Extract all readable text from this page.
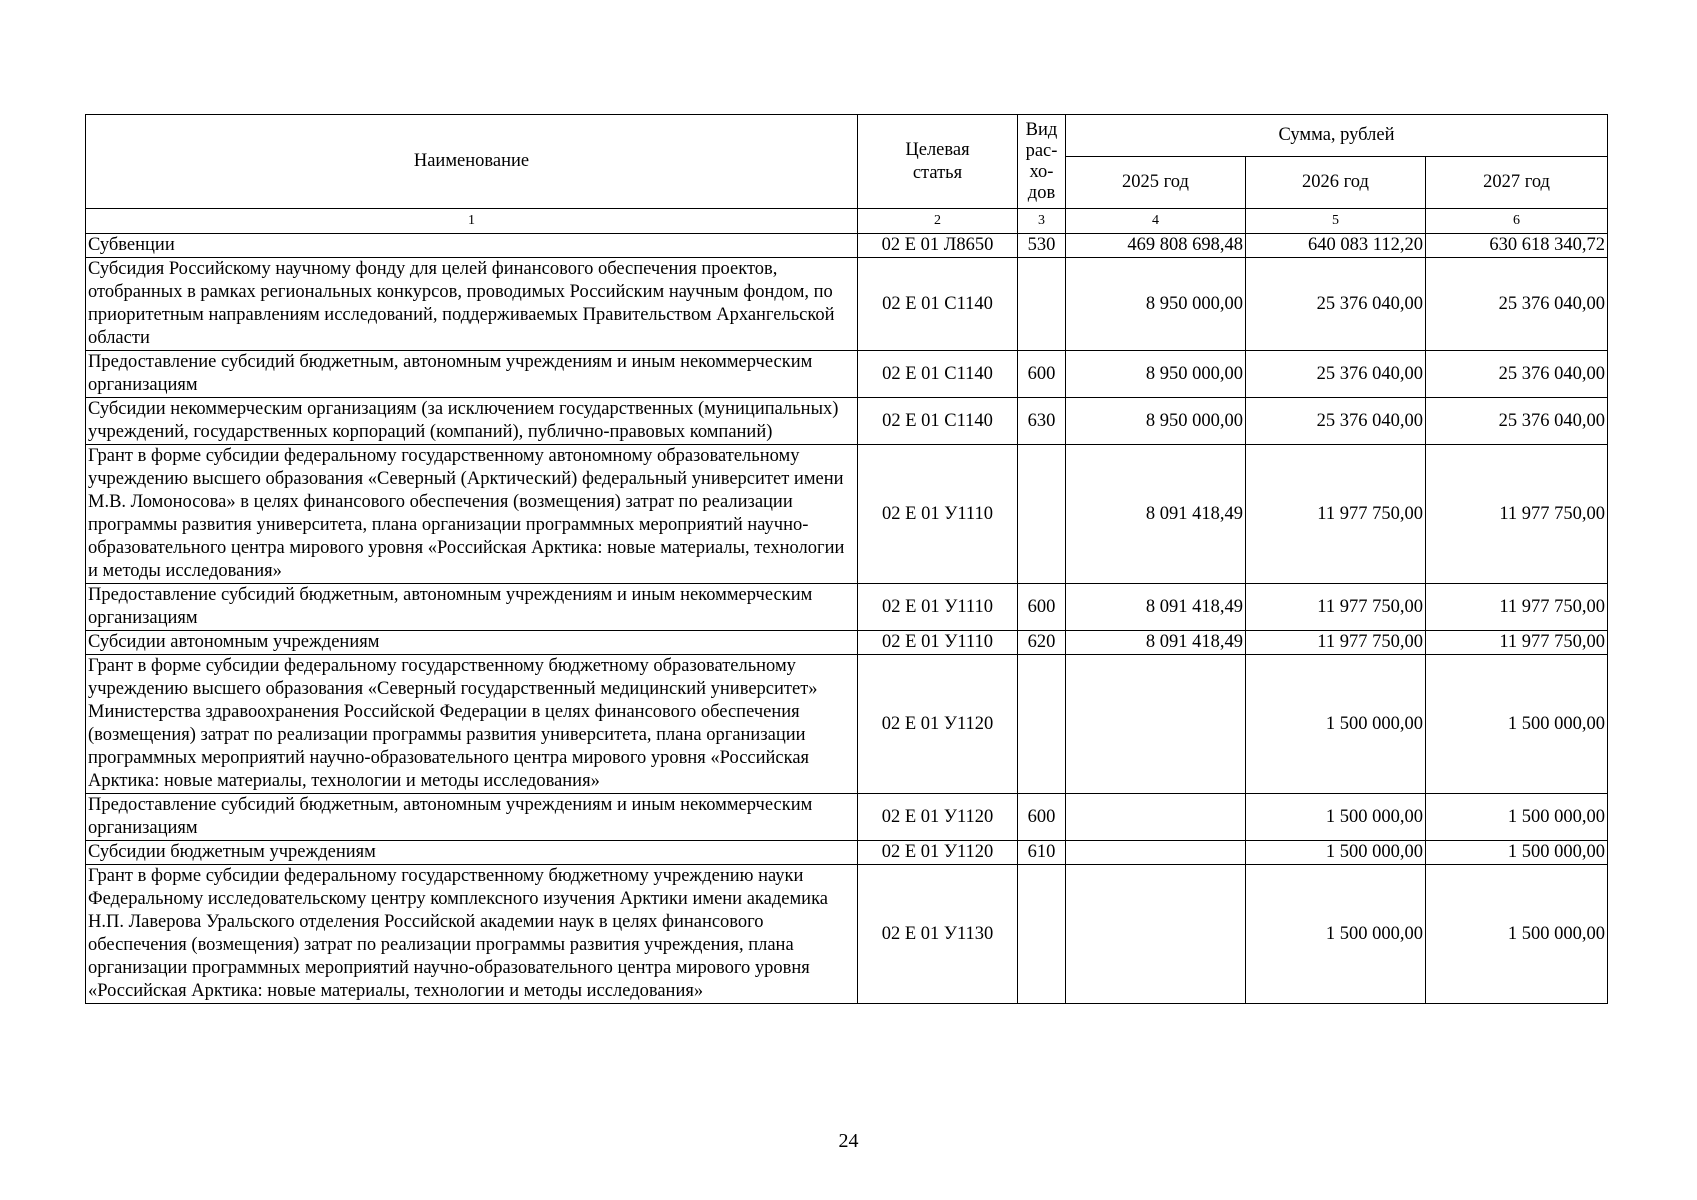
Наименование	Целевая статья	Вид рас-хо-дов	Сумма, рублей		
			2025 год	2026 год	2027 год
1	2	3	4	5	6
Субвенции	02 Е 01 Л8650	530	469 808 698,48	640 083 112,20	630 618 340,72
Субсидия Российскому научному фонду для целей финансового обеспечения проектов, отобранных в рамках региональных конкурсов, проводимых Российским научным фондом, по приоритетным направлениям исследований, поддерживаемых Правительством Архангельской области	02 Е 01 С1140		8 950 000,00	25 376 040,00	25 376 040,00
Предоставление субсидий бюджетным, автономным учреждениям и иным некоммерческим организациям	02 Е 01 С1140	600	8 950 000,00	25 376 040,00	25 376 040,00
Субсидии некоммерческим организациям (за исключением государственных (муниципальных) учреждений, государственных корпораций (компаний), публично-правовых компаний)	02 Е 01 С1140	630	8 950 000,00	25 376 040,00	25 376 040,00
Грант в форме субсидии федеральному государственному автономному образовательному учреждению высшего образования «Северный (Арктический) федеральный университет имени М.В. Ломоносова» в целях финансового обеспечения (возмещения) затрат по реализации программы развития университета, плана организации программных мероприятий научно-образовательного центра мирового уровня «Российская Арктика: новые материалы, технологии и методы исследования»	02 Е 01 У1110		8 091 418,49	11 977 750,00	11 977 750,00
Предоставление субсидий бюджетным, автономным учреждениям и иным некоммерческим организациям	02 Е 01 У1110	600	8 091 418,49	11 977 750,00	11 977 750,00
Субсидии автономным учреждениям	02 Е 01 У1110	620	8 091 418,49	11 977 750,00	11 977 750,00
Грант в форме субсидии федеральному государственному бюджетному образовательному учреждению высшего образования «Северный государственный медицинский университет» Министерства здравоохранения Российской Федерации в целях финансового обеспечения (возмещения) затрат по реализации программы развития университета, плана организации программных мероприятий научно-образовательного центра мирового уровня «Российская Арктика: новые материалы, технологии и методы исследования»	02 Е 01 У1120			1 500 000,00	1 500 000,00
Предоставление субсидий бюджетным, автономным учреждениям и иным некоммерческим организациям	02 Е 01 У1120	600		1 500 000,00	1 500 000,00
Субсидии бюджетным учреждениям	02 Е 01 У1120	610		1 500 000,00	1 500 000,00
Грант в форме субсидии федеральному государственному бюджетному учреждению науки Федеральному исследовательскому центру комплексного изучения Арктики имени академика Н.П. Лаверова Уральского отделения Российской академии наук в целях финансового обеспечения (возмещения) затрат по реализации программы развития учреждения, плана организации программных мероприятий научно-образовательного центра мирового уровня «Российская Арктика: новые материалы, технологии и методы исследования»	02 Е 01 У1130			1 500 000,00	1 500 000,00
24
